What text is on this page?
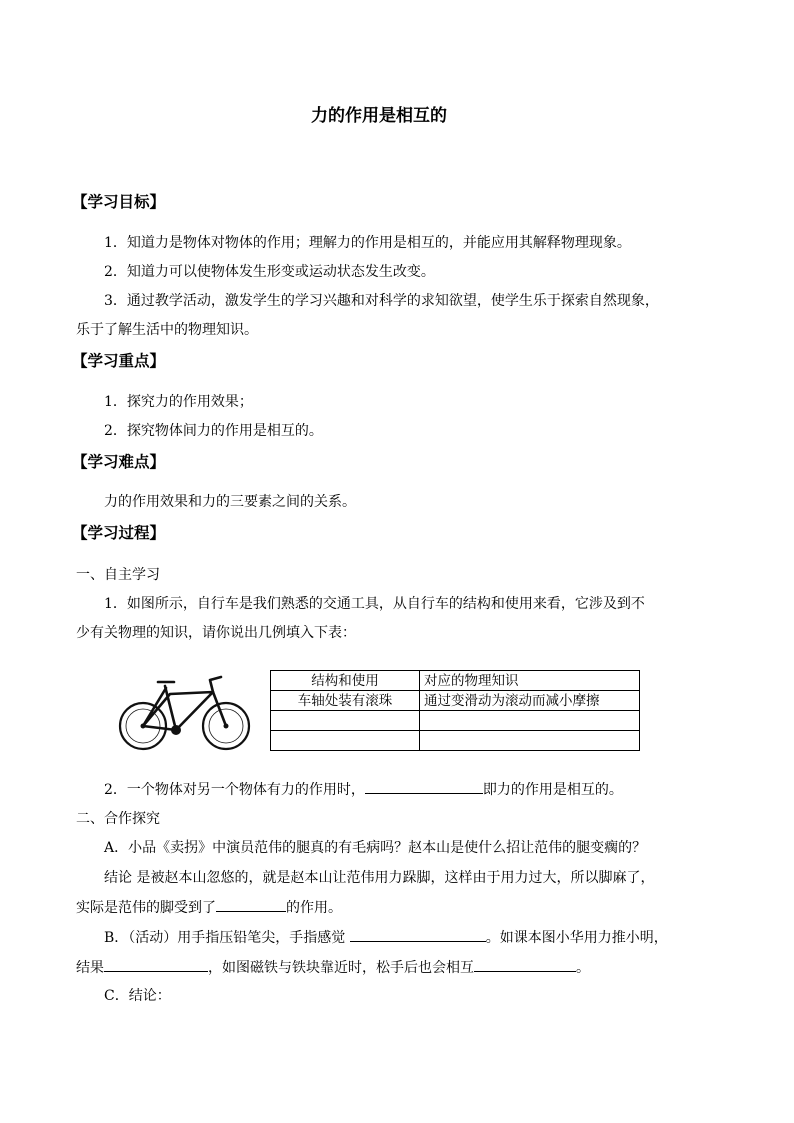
力的作用是相互的
【学习目标】
1．知道力是物体对物体的作用；理解力的作用是相互的，并能应用其解释物理现象。
2．知道力可以使物体发生形变或运动状态发生改变。
3．通过教学活动，激发学生的学习兴趣和对科学的求知欲望，使学生乐于探索自然现象，
乐于了解生活中的物理知识。
【学习重点】
1．探究力的作用效果；
2．探究物体间力的作用是相互的。
【学习难点】
力的作用效果和力的三要素之间的关系。
【学习过程】
一、自主学习
1．如图所示，自行车是我们熟悉的交通工具，从自行车的结构和使用来看，它涉及到不
少有关物理的知识，请你说出几例填入下表：
结构和使用	对应的物理知识
车轴处装有滚珠	通过变滑动为滚动而减小摩擦

2．一个物体对另一个物体有力的作用时，	即力的作用是相互的。
二、合作探究
A．小品《卖拐》中演员范伟的腿真的有毛病吗？赵本山是使什么招让范伟的腿变瘸的？
结论 是被赵本山忽悠的，就是赵本山让范伟用力跺脚，这样由于用力过大，所以脚麻了，
实际是范伟的脚受到了	的作用。
B．（活动）用手指压铅笔尖，手指感觉	。如课本图小华用力推小明，
结果	，如图磁铁与铁块靠近时，松手后也会相互	。
C．结论：
